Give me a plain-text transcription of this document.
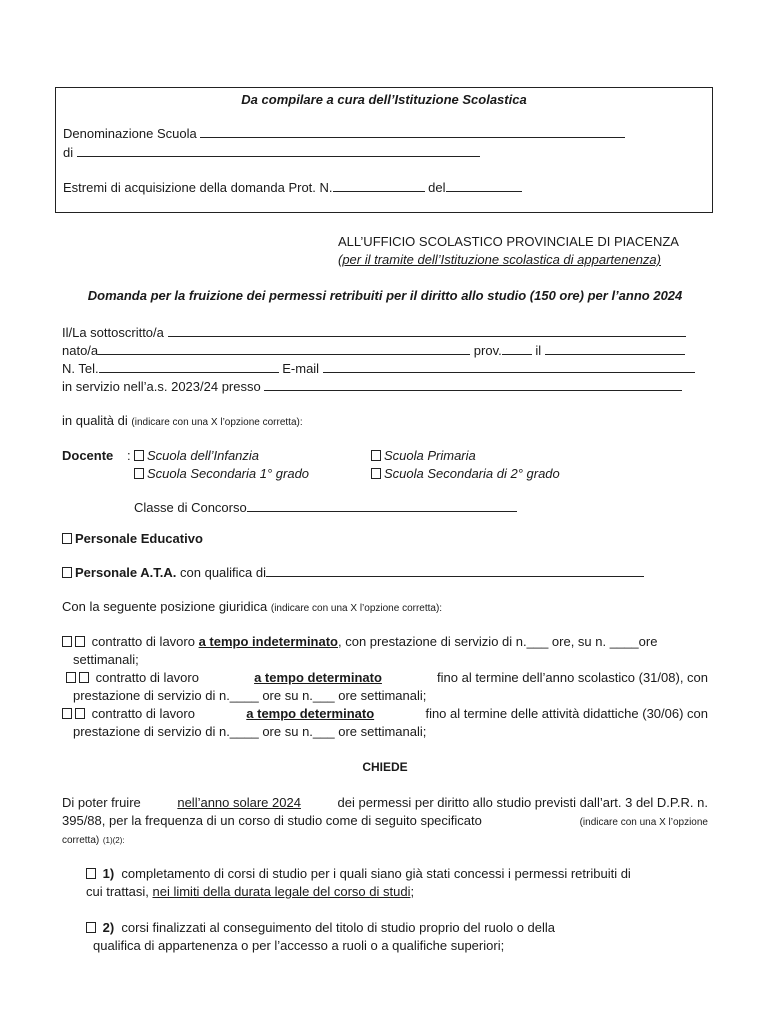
Da compilare a cura dell’Istituzione Scolastica
Denominazione Scuola
di
Estremi di acquisizione della domanda Prot. N.	del
ALL’UFFICIO SCOLASTICO PROVINCIALE DI PIACENZA
(per il tramite dell’Istituzione scolastica di appartenenza)
Domanda per la fruizione dei permessi retribuiti per il diritto allo studio (150 ore) per l’anno 2024
Il/La sottoscritto/a
nato/a	prov.	il
N. Tel.	E-mail
in servizio nell’a.s. 2023/24 presso
in qualità di (indicare con una X l’opzione corretta):
Docente :	Scuola dell’Infanzia	Scuola Primaria
Scuola Secondaria 1° grado	Scuola Secondaria di 2° grado
Classe di Concorso
Personale Educativo
Personale A.T.A. con qualifica di
Con la seguente posizione giuridica (indicare con una X l’opzione corretta):
contratto di lavoro a tempo indeterminato, con prestazione di servizio di n.___ ore, su n. ____ore
settimanali;
contratto di lavoro	a tempo determinato	fino al termine dell’anno scolastico (31/08), con
prestazione di servizio di n.____ ore su n.___ ore settimanali;
contratto di lavoro	a tempo determinato	fino al termine delle attività didattiche (30/06) con
prestazione di servizio di n.____ ore su n.___ ore settimanali;
CHIEDE
Di poter fruire	nell’anno solare 2024	dei permessi per diritto allo studio previsti dall’art. 3 del D.P.R. n.
395/88, per la frequenza di un corso di studio come di seguito specificato	(indicare con una X l’opzione
corretta) (1)(2):
1) completamento di corsi di studio per i quali siano già stati concessi i permessi retribuiti di
cui trattasi, nei limiti della durata legale del corso di studi;
2) corsi finalizzati al conseguimento del titolo di studio proprio del ruolo o della
qualifica di appartenenza o per l’accesso a ruoli o a qualifiche superiori;
